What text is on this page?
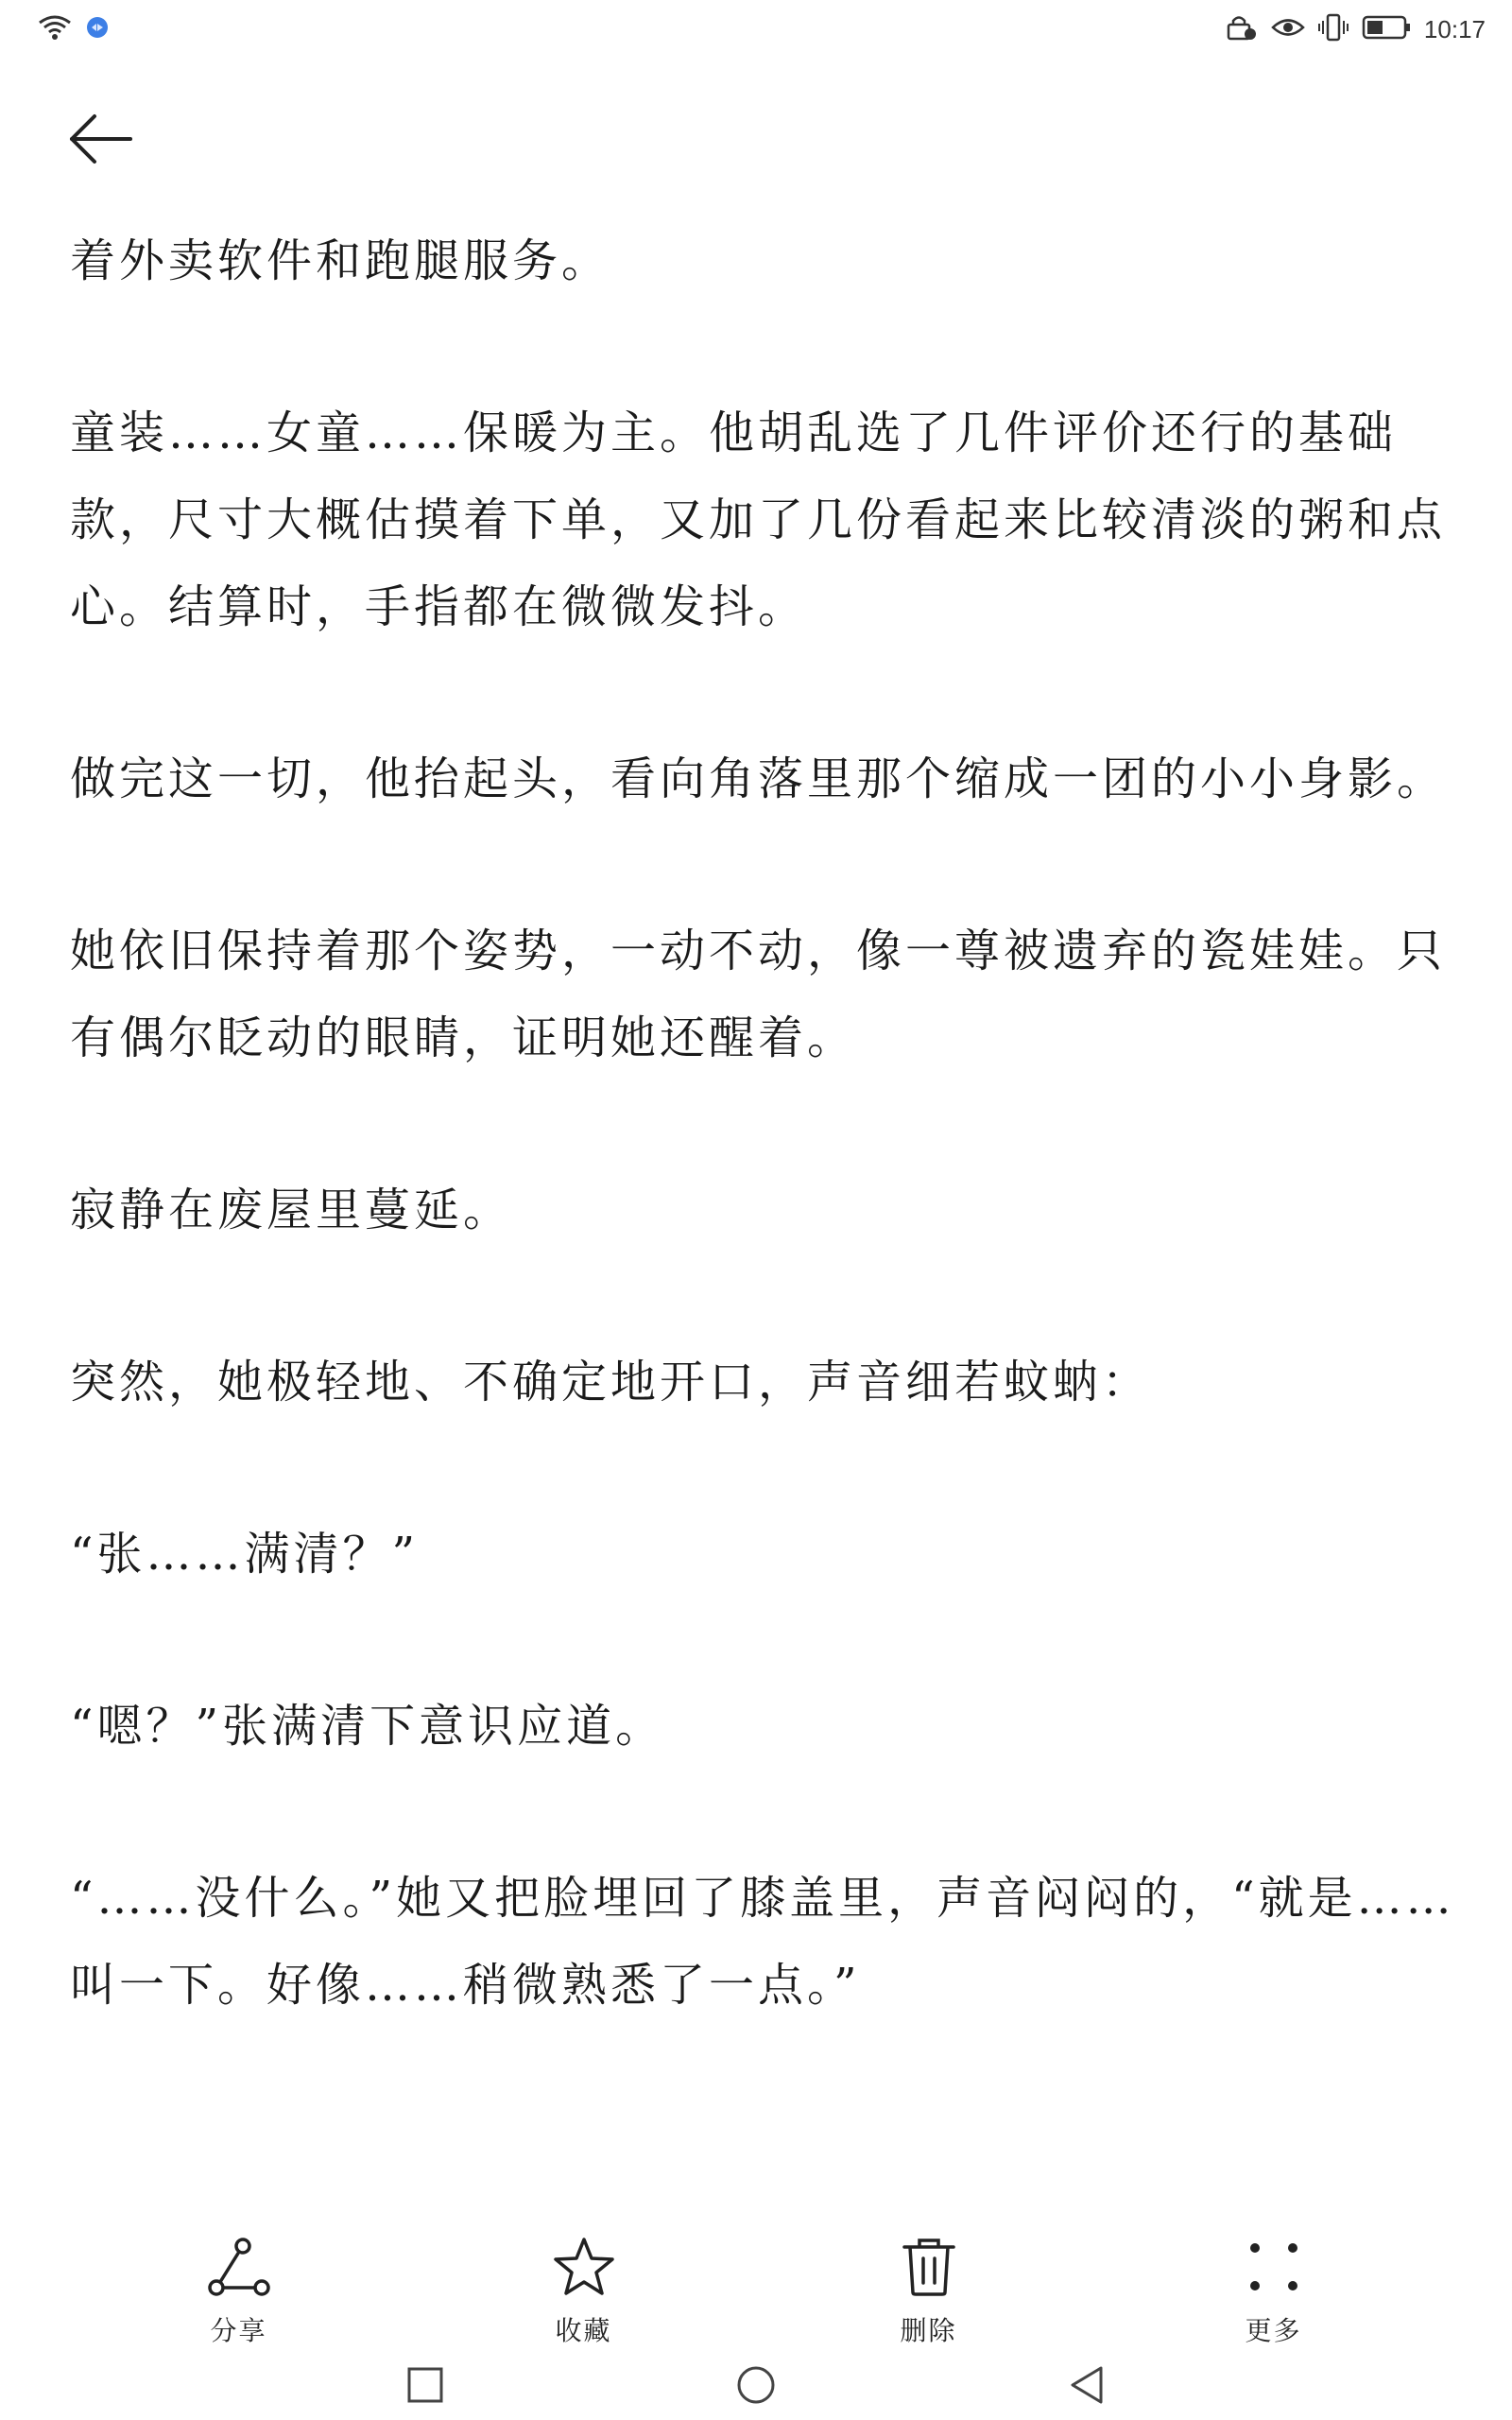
10:17

着外卖软件和跑腿服务。

童装……女童……保暖为主。他胡乱选了几件评价还行的基础款，尺寸大概估摸着下单，又加了几份看起来比较清淡的粥和点心。结算时，手指都在微微发抖。

做完这一切，他抬起头，看向角落里那个缩成一团的小小身影。

她依旧保持着那个姿势，一动不动，像一尊被遗弃的瓷娃娃。只有偶尔眨动的眼睛，证明她还醒着。

寂静在废屋里蔓延。

突然，她极轻地、不确定地开口，声音细若蚊蚋：

“张……满清？”

“嗯？”张满清下意识应道。

“……没什么。”她又把脸埋回了膝盖里，声音闷闷的，“就是……叫一下。好像……稍微熟悉了一点。”

分享	收藏	删除	更多
